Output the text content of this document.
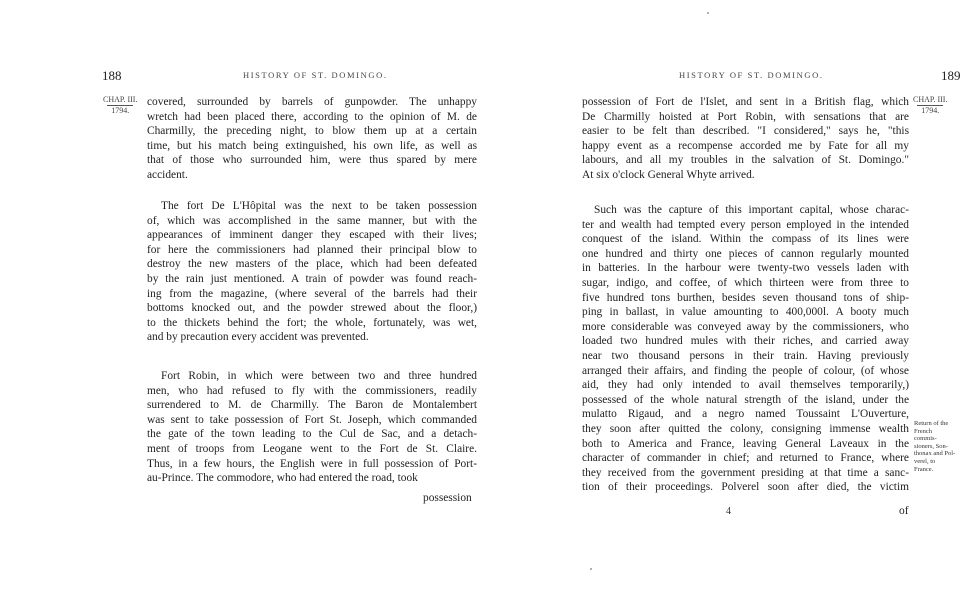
188	HISTORY OF ST. DOMINGO.
CHAP. III.
1794.
covered, surrounded by barrels of gunpowder. The unhappy
wretch had been placed there, according to the opinion of M. de
Charmilly, the preceding night, to blow them up at a certain
time, but his match being extinguished, his own life, as well as
that of those who surrounded him, were thus spared by mere
accident.
The fort De L'Hôpital was the next to be taken possession
of, which was accomplished in the same manner, but with the
appearances of imminent danger they escaped with their lives;
for here the commissioners had planned their principal blow to
destroy the new masters of the place, which had been defeated
by the rain just mentioned. A train of powder was found reach-
ing from the magazine, (where several of the barrels had their
bottoms knocked out, and the powder strewed about the floor,)
to the thickets behind the fort; the whole, fortunately, was wet,
and by precaution every accident was prevented.
Fort Robin, in which were between two and three hundred
men, who had refused to fly with the commissioners, readily
surrendered to M. de Charmilly. The Baron de Montalembert
was sent to take possession of Fort St. Joseph, which commanded
the gate of the town leading to the Cul de Sac, and a detach-
ment of troops from Leogane went to the Fort de St. Claire.
Thus, in a few hours, the English were in full possession of Port-
au-Prince. The commodore, who had entered the road, took
possession
HISTORY OF ST. DOMINGO.	189
possession of Fort de l'Islet, and sent in a British flag, which
De Charmilly hoisted at Port Robin, with sensations that are
easier to be felt than described. "I considered," says he, "this
happy event as a recompense accorded me by Fate for all my
labours, and all my troubles in the salvation of St. Domingo."
At six o'clock General Whyte arrived.
CHAP. III.
1794.
Such was the capture of this important capital, whose charac-
ter and wealth had tempted every person employed in the intended
conquest of the island. Within the compass of its lines were
one hundred and thirty one pieces of cannon regularly mounted
in batteries. In the harbour were twenty-two vessels laden with
sugar, indigo, and coffee, of which thirteen were from three to
five hundred tons burthen, besides seven thousand tons of ship-
ping in ballast, in value amounting to 400,000l. A booty much
more considerable was conveyed away by the commissioners, who
loaded two hundred mules with their riches, and carried away
near two thousand persons in their train. Having previously
arranged their affairs, and finding the people of colour, (of whose
aid, they had only intended to avail themselves temporarily,)
possessed of the whole natural strength of the island, under the
mulatto Rigaud, and a negro named Toussaint L'Ouverture,
they soon after quitted the colony, consigning immense wealth
both to America and France, leaving General Laveaux in the
character of commander in chief; and returned to France, where
they received from the government presiding at that time a sanc-
tion of their proceedings. Polverel soon after died, the victim
Return of the French commis- sioners, Son- thonax and Pol- verel, to France.
4	of
